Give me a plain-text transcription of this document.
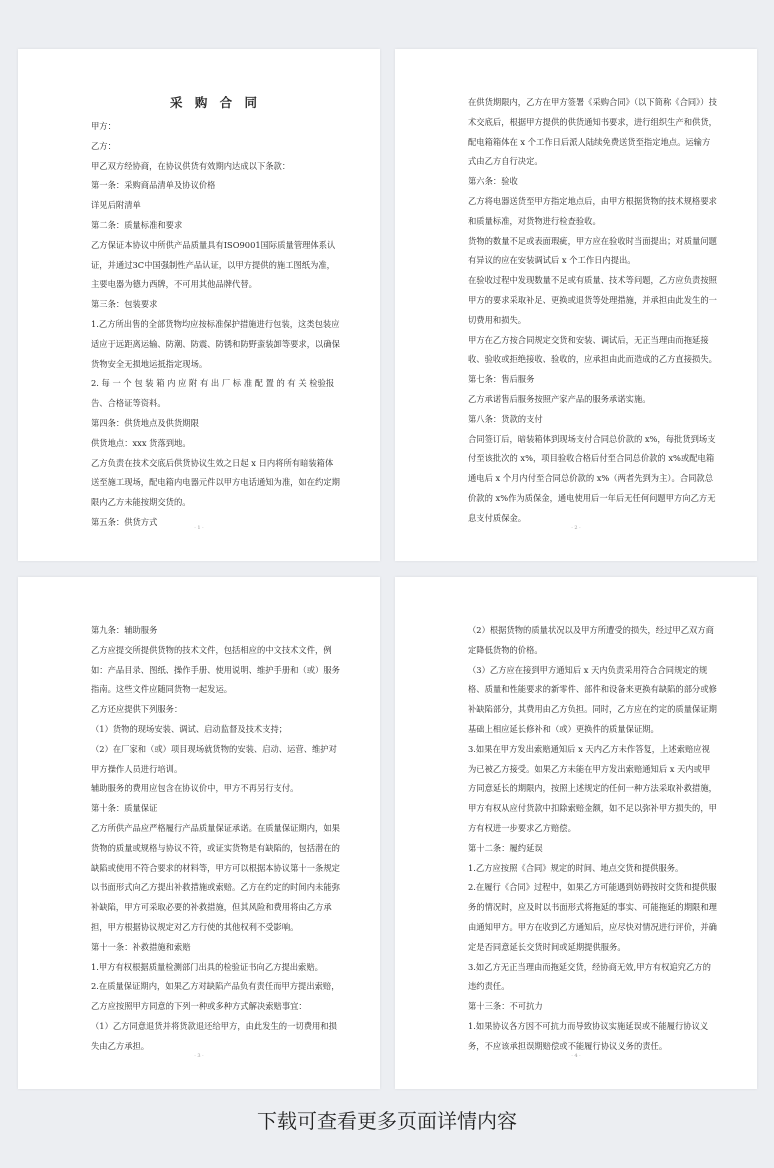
采 购 合 同
甲方：
乙方：
甲乙双方经协商，在协议供货有效期内达成以下条款：
第一条：采购商品清单及协议价格
详见后附清单
第二条：质量标准和要求
乙方保证本协议中所供产品质量具有ISO9001国际质量管理体系认证，并通过3C中国强制性产品认证，以甲方提供的施工图纸为准，主要电器为德力西牌，不可用其他品牌代替。
第三条：包装要求
1.乙方所出售的全部货物均应按标准保护措施进行包装，这类包装应适应于远距离运输、防潮、防震、防锈和防野蛮装卸等要求，以确保货物安全无损地运抵指定现场。
2. 每 一 个 包 装 箱 内 应 附 有 出 厂 标 准 配 置 的 有 关 检验报告、合格证等资料。
第四条：供货地点及供货期限
供货地点：xxx 货落到地。
乙方负责在技术交底后供货协议生效之日起 x 日内将所有暗装箱体送至施工现场，配电箱内电器元件以甲方电话通知为准，如在约定期限内乙方未能按期交货的。
第五条：供货方式
· 1 ·
在供货期限内，乙方在甲方签署《采购合同》（以下简称《合同》）技术交底后，根据甲方提供的供货通知书要求，进行组织生产和供货，配电箱箱体在 x 个工作日后派人陆续免费送货至指定地点。运输方式由乙方自行决定。
第六条：验收
乙方将电器送货至甲方指定地点后，由甲方根据货物的技术规格要求和质量标准，对货物进行检查验收。
货物的数量不足或表面瑕疵，甲方应在验收时当面提出；对质量问题有异议的应在安装调试后 x 个工作日内提出。
在验收过程中发现数量不足或有质量、技术等问题，乙方应负责按照甲方的要求采取补足、更换或退货等处理措施，并承担由此发生的一切费用和损失。
甲方在乙方按合同规定交货和安装、调试后，无正当理由而拖延接收、验收或拒绝接收、验收的，应承担由此而造成的乙方直接损失。
第七条：售后服务
乙方承诺售后服务按照产家产品的服务承诺实施。
第八条：货款的支付
合同签订后，暗装箱体到现场支付合同总价款的 x%，每批货到场支付至该批次的 x%，项目验收合格后付至合同总价款的 x%或配电箱通电后 x 个月内付至合同总价款的 x%（两者先到为主）。合同款总价款的 x%作为质保金，通电使用后一年后无任何问题甲方向乙方无息支付质保金。
· 2 ·
第九条：辅助服务
乙方应提交所提供货物的技术文件，包括相应的中文技术文件，例如：产品目录、图纸、操作手册、使用说明、维护手册和（或）服务指南。这些文件应随同货物一起发运。
乙方还应提供下列服务：
（1）货物的现场安装、调试、启动监督及技术支持；
（2）在厂家和（或）项目现场就货物的安装、启动、运营、维护对甲方操作人员进行培训。
辅助服务的费用应包含在协议价中，甲方不再另行支付。
第十条：质量保证
乙方所供产品应严格履行产品质量保证承诺。在质量保证期内，如果货物的质量或规格与协议不符，或证实货物是有缺陷的，包括潜在的缺陷或使用不符合要求的材料等，甲方可以根据本协议第十一条规定以书面形式向乙方提出补救措施或索赔。乙方在约定的时间内未能弥补缺陷，甲方可采取必要的补救措施，但其风险和费用将由乙方承担，甲方根据协议规定对乙方行使的其他权利不受影响。
第十一条：补救措施和索赔
1.甲方有权根据质量检测部门出具的检验证书向乙方提出索赔。
2.在质量保证期内，如果乙方对缺陷产品负有责任而甲方提出索赔，乙方应按照甲方同意的下列一种或多种方式解决索赔事宜：
（1）乙方同意退货并将货款退还给甲方，由此发生的一切费用和损失由乙方承担。
· 3 ·
（2）根据货物的质量状况以及甲方所遭受的损失，经过甲乙双方商定降低货物的价格。
（3）乙方应在接到甲方通知后 x 天内负责采用符合合同规定的规格、质量和性能要求的新零件、部件和设备来更换有缺陷的部分或修补缺陷部分，其费用由乙方负担。同时，乙方应在约定的质量保证期基础上相应延长修补和（或）更换件的质量保证期。
3.如果在甲方发出索赔通知后 x 天内乙方未作答复，上述索赔应视为已被乙方接受。如果乙方未能在甲方发出索赔通知后 x 天内或甲方同意延长的期限内，按照上述规定的任何一种方法采取补救措施，甲方有权从应付货款中扣除索赔金额，如不足以弥补甲方损失的，甲方有权进一步要求乙方赔偿。
第十二条：履约延误
1.乙方应按照《合同》规定的时间、地点交货和提供服务。
2.在履行《合同》过程中，如果乙方可能遇到妨碍按时交货和提供服务的情况时，应及时以书面形式将拖延的事实、可能拖延的期限和理由通知甲方。甲方在收到乙方通知后，应尽快对情况进行评价，并确定是否同意延长交货时间或延期提供服务。
3.如乙方无正当理由而拖延交货，经协商无效,甲方有权追究乙方的违约责任。
第十三条：不可抗力
1.如果协议各方因不可抗力而导致协议实施延误或不能履行协议义务，不应该承担误期赔偿或不能履行协议义务的责任。
· 4 ·
下载可查看更多页面详情内容
